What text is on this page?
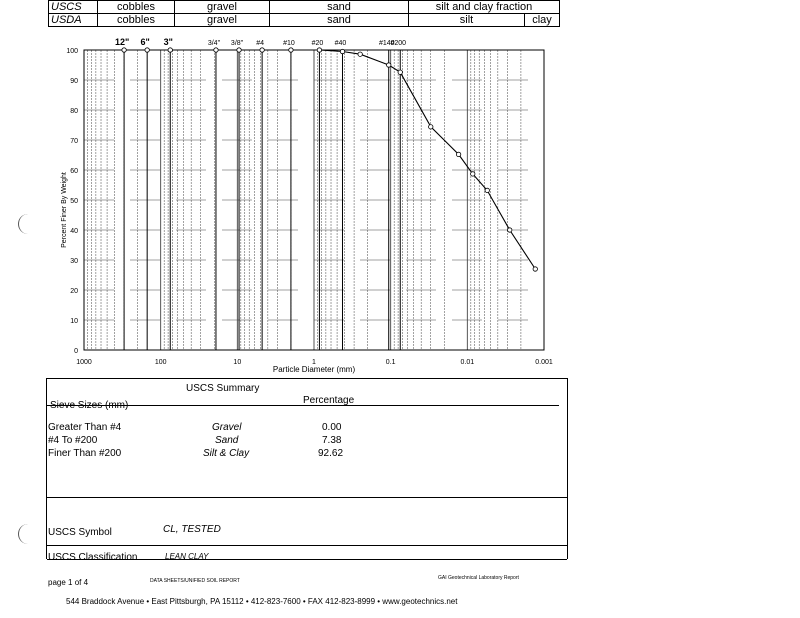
USCS	cobbles	gravel	sand	silt and clay fraction	
USDA	cobbles	gravel	sand	silt	clay
0
10
20
30
40
50
60
70
80
90
100
1000	100	10	1	0.1	0.01	0.001
12" 6" 3"	3/4" 3/8" #4	#10 #20 #40	#140
#200
Particle Diameter (mm)
Percent Finer By Weight
USCS Summary
Sieve Sizes (mm)	Percentage
Greater Than #4	Gravel	0.00
#4 To #200	Sand	7.38
Finer Than #200	Silt & Clay	92.62
USCS Symbol	CL, TESTED
USCS Classification	LEAN CLAY
page 1 of 4	DATA SHEETS/UNIFIED SOIL REPORT	GAI Geotechnical Laboratory Report
544 Braddock Avenue • East Pittsburgh, PA 15112 • 412-823-7600 • FAX 412-823-8999 • www.geotechnics.net
